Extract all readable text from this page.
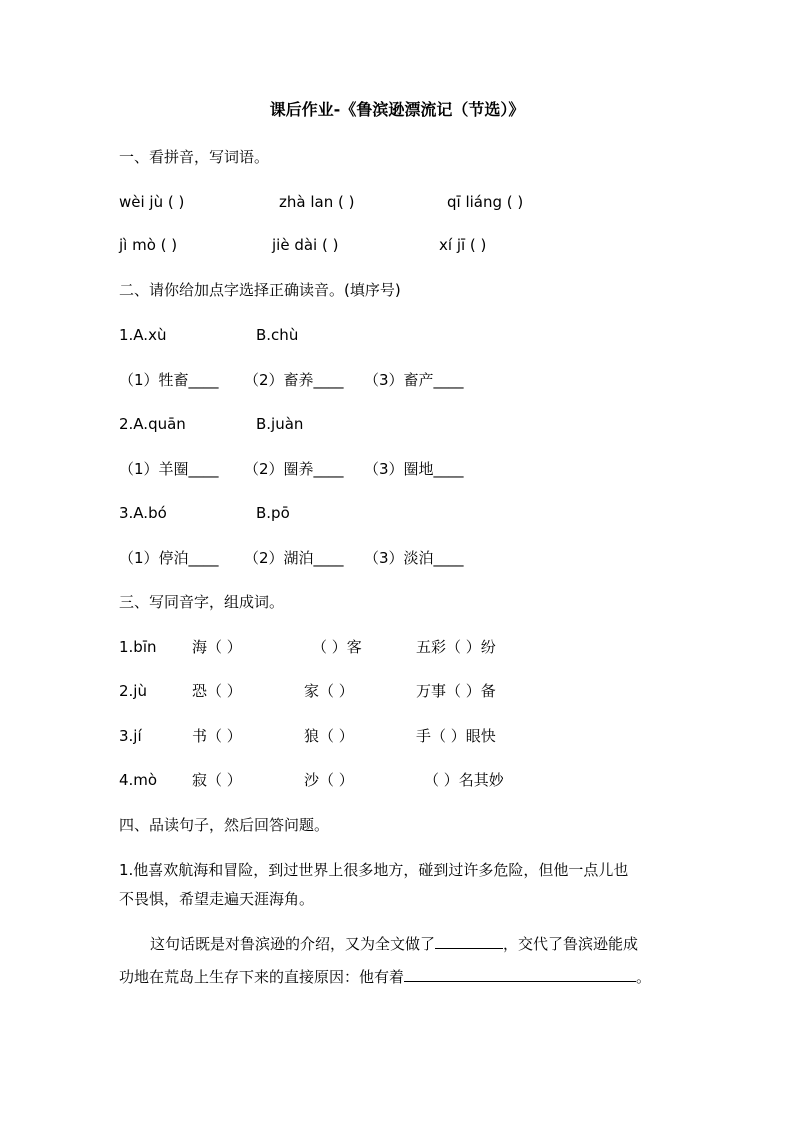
课后作业-《鲁滨逊漂流记（节选）》
一、看拼音，写词语。
wèi jù ( )	zhà lan ( )	qī liáng ( )
jì mò ( )	jiè dài ( )	xí jī ( )
二、请你给加点字选择正确读音。(填序号)
1.A.xù	B.chù
（1）牲畜____ （2）畜养____ （3）畜产____
2.A.quān	B.juàn
（1）羊圈____ （2）圈养____ （3）圈地____
3.A.bó	B.pō
（1）停泊____ （2）湖泊____ （3）淡泊____
三、写同音字，组成词。
1.bīn 海（ ）	（ ）客	五彩（ ）纷
2.jù	恐（ ）	家（ ）	万事（ ）备
3.jí	书（ ）	狼（ ）	手（ ）眼快
4.mò 寂（ ）	沙（ ）	（ ）名其妙
四、品读句子，然后回答问题。
1.他喜欢航海和冒险，到过世界上很多地方，碰到过许多危险，但他一点儿也
不畏惧，希望走遍天涯海角。
这句话既是对鲁滨逊的介绍，又为全文做了	，交代了鲁滨逊能成
功地在荒岛上生存下来的直接原因：他有着	。
